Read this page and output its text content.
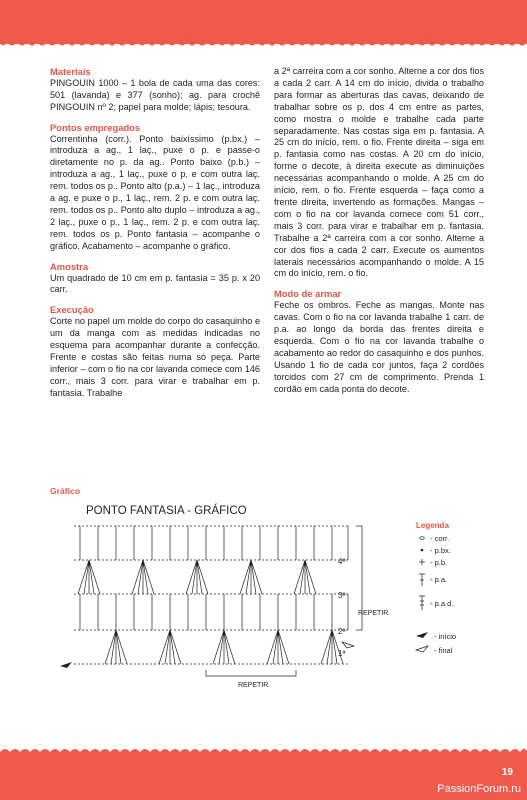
Materiais

PINGOUIN 1000 – 1 bola de cada uma das cores: 501 (lavanda) e 377 (sonho); ag. para crochê PINGOUIN nº 2; papel para molde; lápis; tesoura.

Pontos empregados

Correntinha (corr.). Ponto baixíssimo (p.bx.) – introduza a ag., 1 laç., puxe o p. e passe-o diretamente no p. da ag.. Ponto baixo (p.b.) – introduza a ag., 1 laç., puxe o p. e com outra laç. rem. todos os p.. Ponto alto (p.a.) – 1 laç., introduza a ag. e puxe o p., 1 laç., rem. 2 p. e com outra laç. rem. todos os p.. Ponto alto duplo – introduza a ag., 2 laç., puxe o p., 1 laç., rem. 2 p. e com outra laç. rem. todos os p. Ponto fantasia – acompanhe o gráfico. Acabamento – acompanhe o gráfico.

Amostra

Um quadrado de 10 cm em p. fantasia = 35 p. x 20 carr.

Execução

Corte no papel um molde do corpo do casaquinho e um da manga com as medidas indicadas no esquema para acompanhar durante a confecção. Frente e costas são feitas numa só peça. Parte inferior – com o fio na cor lavanda comece com 146 corr., mais 3 corr. para virar e trabalhar em p. fantasia. Trabalhe

a 2ª carreira com a cor sonho. Alterne a cor dos fios a cada 2 carr. A 14 cm do início, divida o trabalho para formar as aberturas das cavas, deixando de trabalhar sobre os p. dos 4 cm entre as partes, como mostra o molde e trabalhe cada parte separadamente. Nas costas siga em p. fantasia. A 25 cm do início, rem. o fio. Frente direita – siga em p. fantasia como nas costas. A 20 cm do início, forme o decote, à direita execute as diminuições necessárias acompanhando o molde. A 25 cm do início, rem. o fio. Frente esquerda – faça como a frente direita, invertendo as formações. Mangas – com o fio na cor lavanda comece com 51 corr., mais 3 corr. para virar e trabalhar em p. fantasia. Trabalhe a 2ª carreira com a cor sonho. Alterne a cor dos fios a cada 2 carr. Execute os aumentos laterais necessários acompanhando o molde. A 15 cm do início, rem. o fio.

Modo de armar

Feche os ombros. Feche as mangas. Monte nas cavas. Com o fio na cor lavanda trabalhe 1 carr. de p.a. ao longo da borda das frentes direita e esquerda. Com o fio na cor lavanda trabalhe o acabamento ao redor do casaquinho e dos punhos. Usando 1 fio de cada cor juntos, faça 2 cordões torcidos com 27 cm de comprimento. Prenda 1 cordão em cada ponta do decote.

Gráfico
PONTO FANTASIA - GRÁFICO
4ª
3ª
2ª
1ª
REPETIR
REPETIR
Legenda
- corr.
- p.bx.
- p.b.
- p.a.
- p.a.d.
- início
- final
19
PassionForum.ru
